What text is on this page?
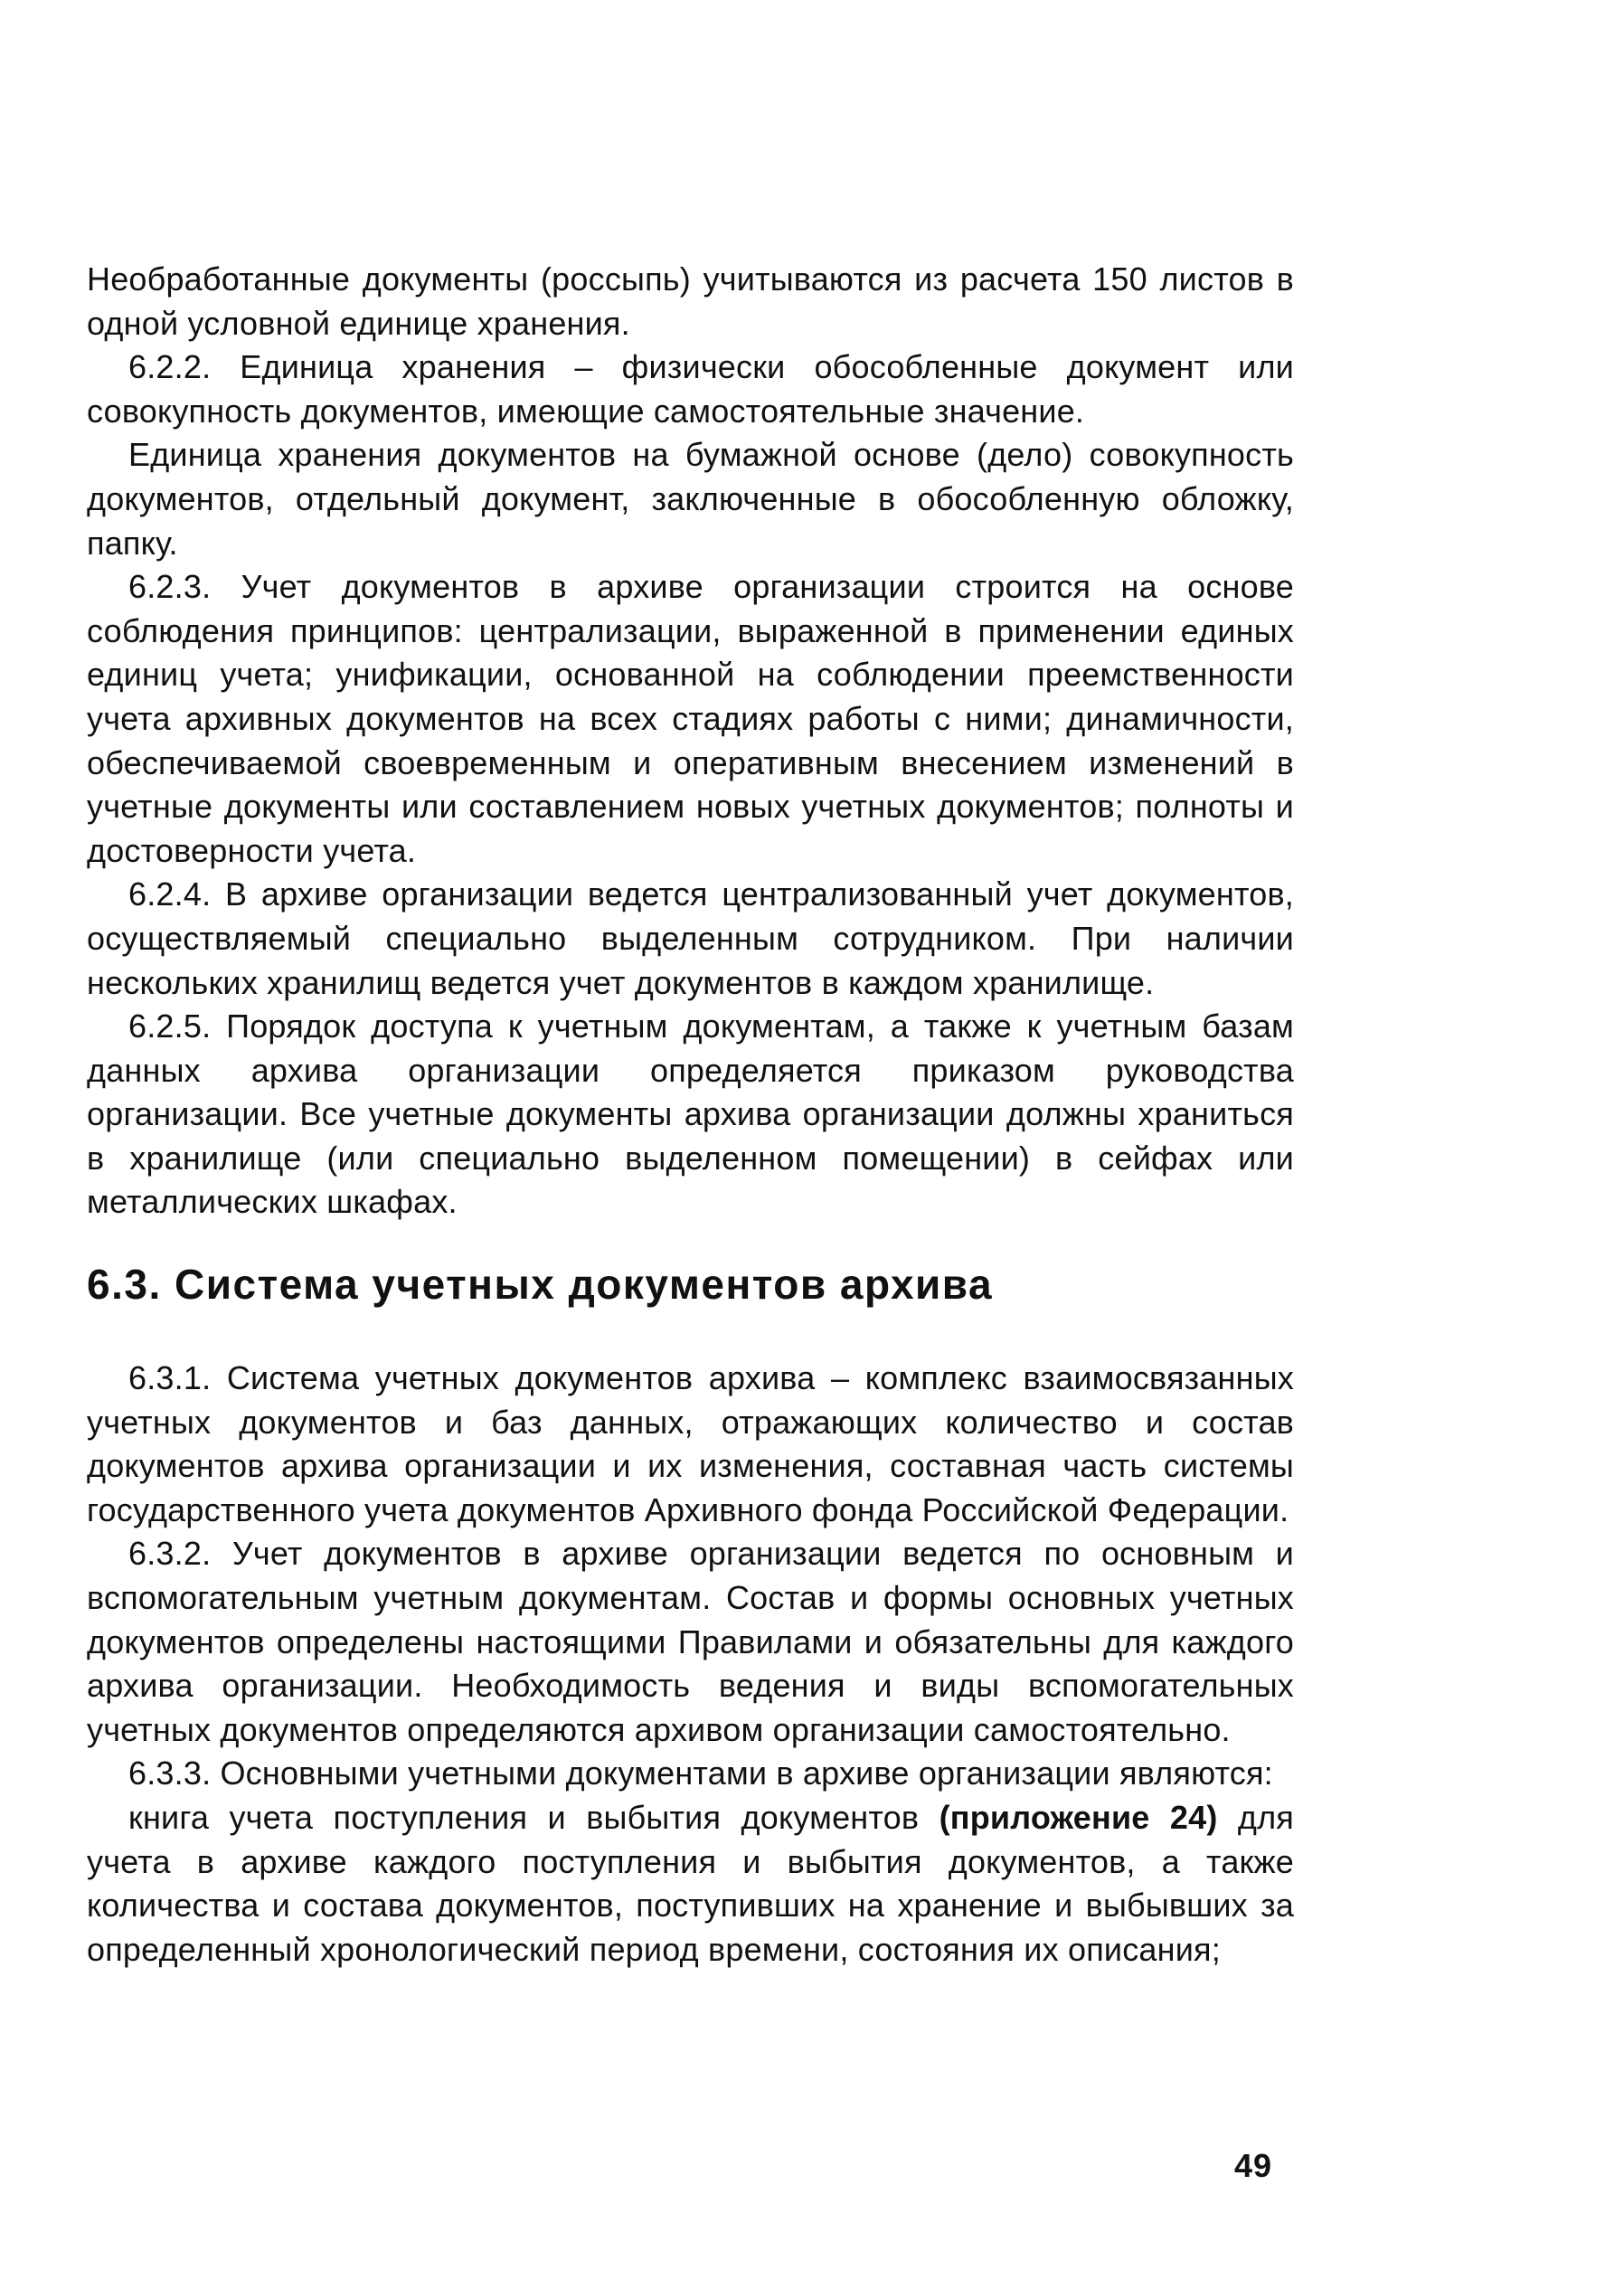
Необработанные документы (россыпь) учитываются из расчета 150 листов в одной условной единице хранения.

6.2.2. Единица хранения – физически обособленные документ или совокупность документов, имеющие самостоятельные значение.

Единица хранения документов на бумажной основе (дело) совокупность документов, отдельный документ, заключенные в обособленную обложку, папку.

6.2.3. Учет документов в архиве организации строится на основе соблюдения принципов: централизации, выраженной в применении единых единиц учета; унификации, основанной на соблюдении преемственности учета архивных документов на всех стадиях работы с ними; динамичности, обеспечиваемой своевременным и оперативным внесением изменений в учетные документы или составлением новых учетных документов; полноты и достоверности учета.

6.2.4. В архиве организации ведется централизованный учет документов, осуществляемый специально выделенным сотрудником. При наличии нескольких хранилищ ведется учет документов в каждом хранилище.

6.2.5. Порядок доступа к учетным документам, а также к учетным базам данных архива организации определяется приказом руководства организации. Все учетные документы архива организации должны храниться в хранилище (или специально выделенном помещении) в сейфах или металлических шкафах.

6.3. Система учетных документов архива

6.3.1. Система учетных документов архива – комплекс взаимосвязанных учетных документов и баз данных, отражающих количество и состав документов архива организации и их изменения, составная часть системы государственного учета документов Архивного фонда Российской Федерации.

6.3.2. Учет документов в архиве организации ведется по основным и вспомогательным учетным документам. Состав и формы основных учетных документов определены настоящими Правилами и обязательны для каждого архива организации. Необходимость ведения и виды вспомогательных учетных документов определяются архивом организации самостоятельно.

6.3.3. Основными учетными документами в архиве организации являются:

книга учета поступления и выбытия документов (приложение 24) для учета в архиве каждого поступления и выбытия документов, а также количества и состава документов, поступивших на хранение и выбывших за определенный хронологический период времени, состояния их описания;

49
